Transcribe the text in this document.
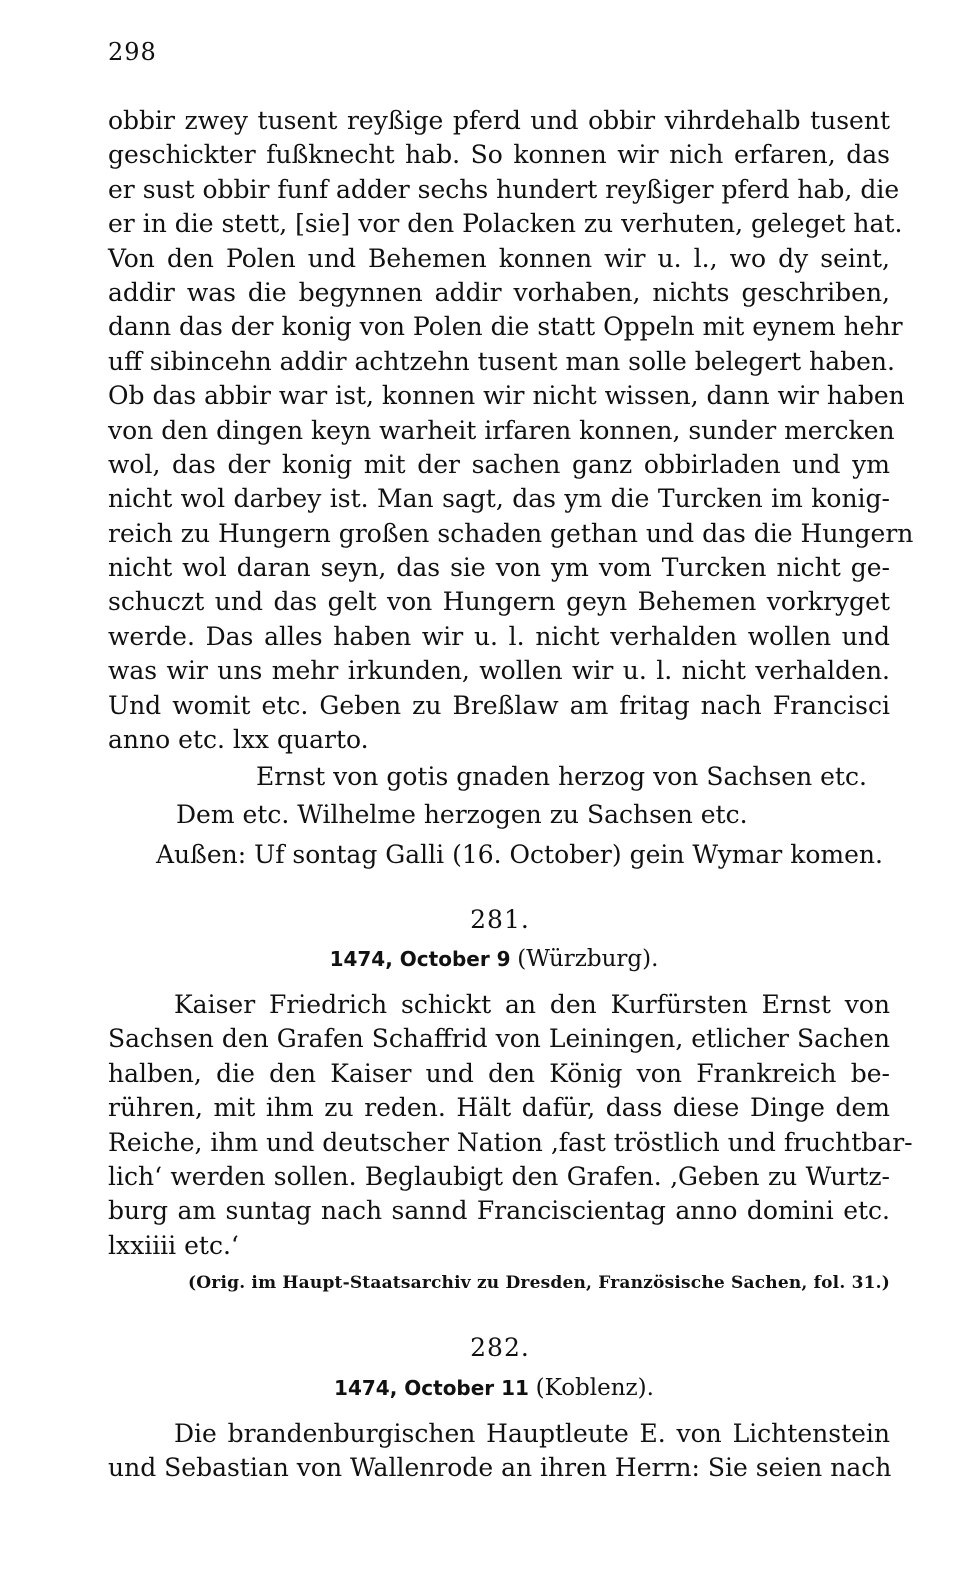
298
obbir zwey tusent reyßige pferd und obbir vihrdehalb tusent
geschickter fußknecht hab. So konnen wir nich erfaren, das
er sust obbir funf adder sechs hundert reyßiger pferd hab, die
er in die stett, [sie] vor den Polacken zu verhuten, geleget hat.
Von den Polen und Behemen konnen wir u. l., wo dy seint,
addir was die begynnen addir vorhaben, nichts geschriben,
dann das der konig von Polen die statt Oppeln mit eynem hehr
uff sibincehn addir achtzehn tusent man solle belegert haben.
Ob das abbir war ist, konnen wir nicht wissen, dann wir haben
von den dingen keyn warheit irfaren konnen, sunder mercken
wol, das der konig mit der sachen ganz obbirladen und ym
nicht wol darbey ist. Man sagt, das ym die Turcken im konig-
reich zu Hungern großen schaden gethan und das die Hungern
nicht wol daran seyn, das sie von ym vom Turcken nicht ge-
schuczt und das gelt von Hungern geyn Behemen vorkryget
werde. Das alles haben wir u. l. nicht verhalden wollen und
was wir uns mehr irkunden, wollen wir u. l. nicht verhalden.
Und womit etc. Geben zu Breßlaw am fritag nach Francisci
anno etc. lxx quarto.
Ernst von gotis gnaden herzog von Sachsen etc.
Dem etc. Wilhelme herzogen zu Sachsen etc.
Außen: Uf sontag Galli (16. October) gein Wymar komen.
281.
1474, October 9 (Würzburg).
Kaiser Friedrich schickt an den Kurfürsten Ernst von
Sachsen den Grafen Schaffrid von Leiningen, etlicher Sachen
halben, die den Kaiser und den König von Frankreich be-
rühren, mit ihm zu reden. Hält dafür, dass diese Dinge dem
Reiche, ihm und deutscher Nation ‚fast tröstlich und fruchtbar-
lich‘ werden sollen. Beglaubigt den Grafen. ‚Geben zu Wurtz-
burg am suntag nach sannd Franciscientag anno domini etc.
lxxiiii etc.‘
(Orig. im Haupt-Staatsarchiv zu Dresden, Französische Sachen, fol. 31.)
282.
1474, October 11 (Koblenz).
Die brandenburgischen Hauptleute E. von Lichtenstein
und Sebastian von Wallenrode an ihren Herrn: Sie seien nach
